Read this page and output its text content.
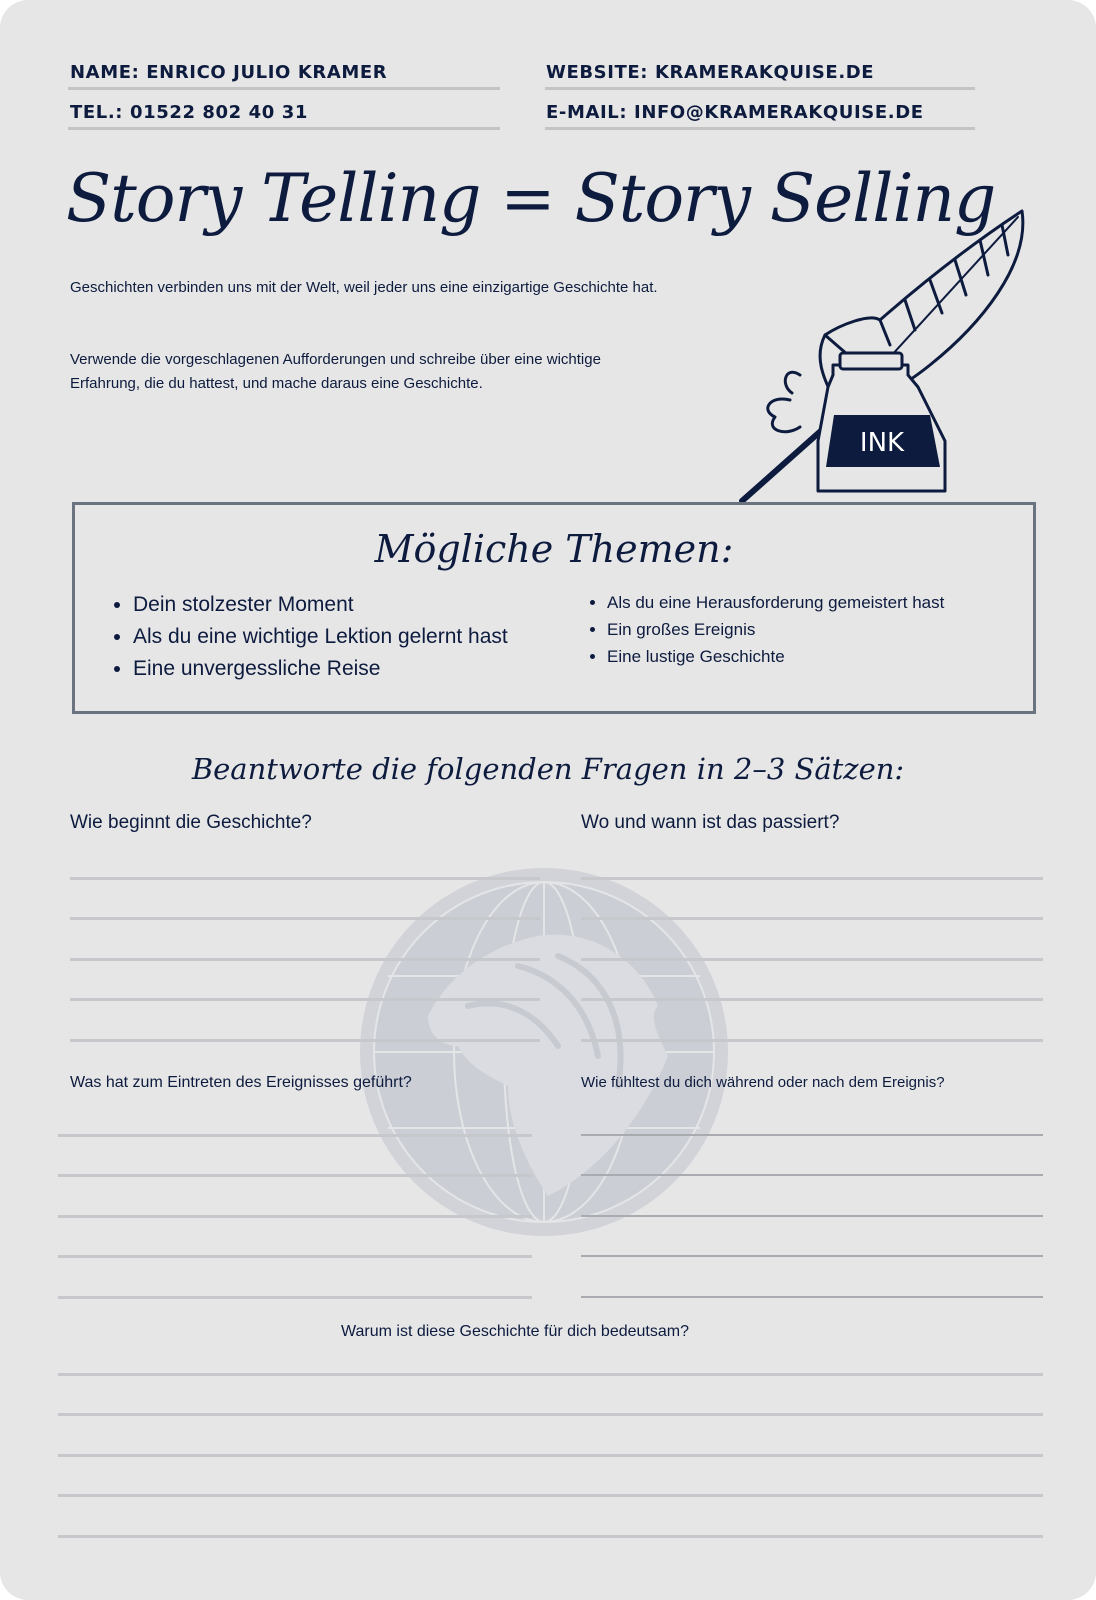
NAME: ENRICO JULIO KRAMER
TEL.: 01522 802 40 31
WEBSITE: KRAMERAKQUISE.DE
E-MAIL: INFO@KRAMERAKQUISE.DE
Story Telling = Story Selling
Geschichten verbinden uns mit der Welt, weil jeder uns eine einzigartige Geschichte hat.
Verwende die vorgeschlagenen Aufforderungen und schreibe über eine wichtige Erfahrung, die du hattest, und mache daraus eine Geschichte.
INK
Mögliche Themen:
• Dein stolzester Moment
• Als du eine wichtige Lektion gelernt hast
• Eine unvergessliche Reise
• Als du eine Herausforderung gemeistert hast
• Ein großes Ereignis
• Eine lustige Geschichte
Beantworte die folgenden Fragen in 2–3 Sätzen:
Wie beginnt die Geschichte?	Wo und wann ist das passiert?
Was hat zum Eintreten des Ereignisses geführt?	Wie fühltest du dich während oder nach dem Ereignis?
Warum ist diese Geschichte für dich bedeutsam?
